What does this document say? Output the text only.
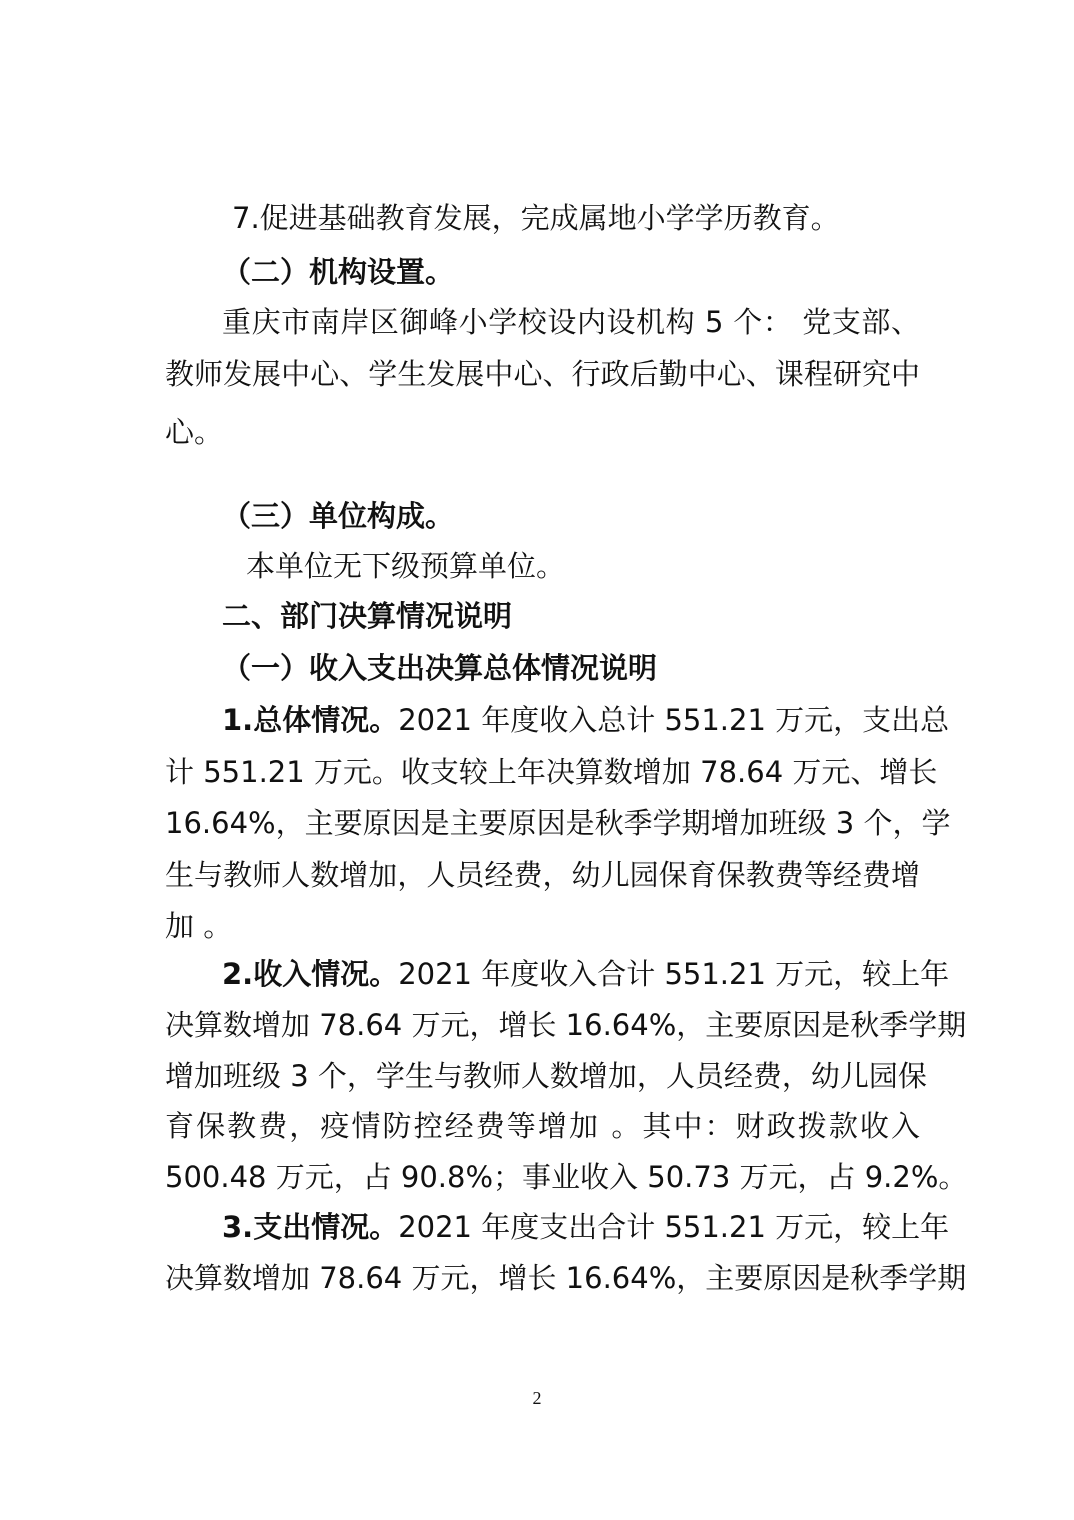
7.促进基础教育发展，完成属地小学学历教育。
（二）机构设置。
重庆市南岸区御峰小学校设内设机构 5 个： 党支部、
教师发展中心、学生发展中心、行政后勤中心、课程研究中
心。
（三）单位构成。
本单位无下级预算单位。
二、部门决算情况说明
（一）收入支出决算总体情况说明
1.总体情况。2021 年度收入总计 551.21 万元，支出总
计 551.21 万元。收支较上年决算数增加 78.64 万元、增长
16.64%，主要原因是主要原因是秋季学期增加班级 3 个，学
生与教师人数增加，人员经费，幼儿园保育保教费等经费增
加 。
2.收入情况。2021 年度收入合计 551.21 万元，较上年
决算数增加 78.64 万元，增长 16.64%，主要原因是秋季学期
增加班级 3 个，学生与教师人数增加，人员经费，幼儿园保
育保教费，疫情防控经费等增加 。其中：财政拨款收入
500.48 万元，占 90.8%；事业收入 50.73 万元，占 9.2%。
3.支出情况。2021 年度支出合计 551.21 万元，较上年
决算数增加 78.64 万元，增长 16.64%，主要原因是秋季学期
2
